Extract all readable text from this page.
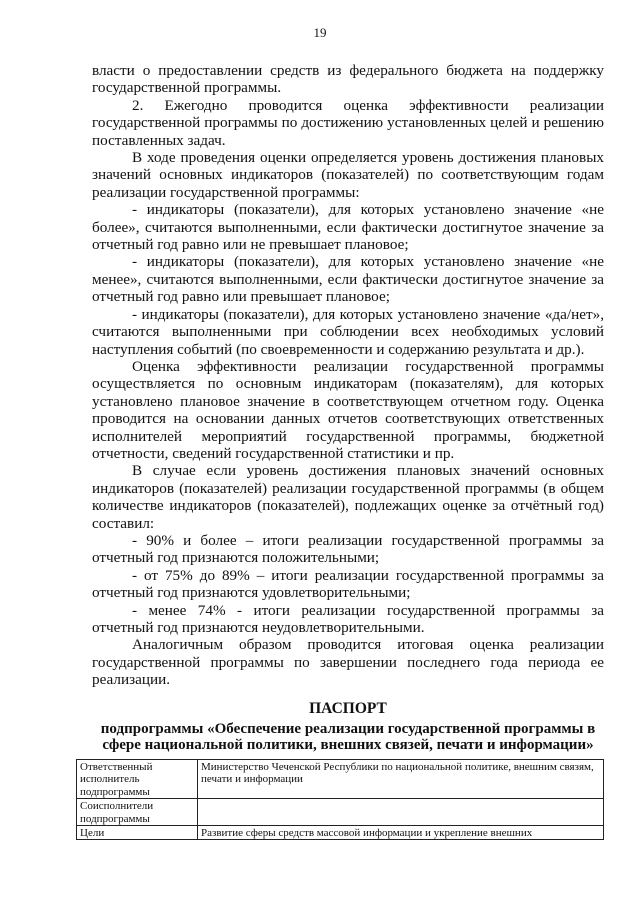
19

власти о предоставлении средств из федерального бюджета на поддержку государственной программы.

2. Ежегодно проводится оценка эффективности реализации государственной программы по достижению установленных целей и решению поставленных задач.

В ходе проведения оценки определяется уровень достижения плановых значений основных индикаторов (показателей) по соответствующим годам реализации государственной программы:

- индикаторы (показатели), для которых установлено значение «не более», считаются выполненными, если фактически достигнутое значение за отчетный год равно или не превышает плановое;

- индикаторы (показатели), для которых установлено значение «не менее», считаются выполненными, если фактически достигнутое значение за отчетный год равно или превышает плановое;

- индикаторы (показатели), для которых установлено значение «да/нет», считаются выполненными при соблюдении всех необходимых условий наступления событий (по своевременности и содержанию результата и др.).

Оценка эффективности реализации государственной программы осуществляется по основным индикаторам (показателям), для которых установлено плановое значение в соответствующем отчетном году. Оценка проводится на основании данных отчетов соответствующих ответственных исполнителей мероприятий государственной программы, бюджетной отчетности, сведений государственной статистики и пр.

В случае если уровень достижения плановых значений основных индикаторов (показателей) реализации государственной программы (в общем количестве индикаторов (показателей), подлежащих оценке за отчётный год) составил:

- 90% и более – итоги реализации государственной программы за отчетный год признаются положительными;

- от 75% до 89% – итоги реализации государственной программы за отчетный год признаются удовлетворительными;

- менее 74% - итоги реализации государственной программы за отчетный год признаются неудовлетворительными.

Аналогичным образом проводится итоговая оценка реализации государственной программы по завершении последнего года периода ее реализации.

ПАСПОРТ
подпрограммы «Обеспечение реализации государственной программы в сфере национальной политики, внешних связей, печати и информации»
Ответственный исполнитель подпрограммы	Министерство Чеченской Республики по национальной политике, внешним связям, печати и информации
Соисполнители подпрограммы	
Цели	Развитие сферы средств массовой информации и укрепление внешних
